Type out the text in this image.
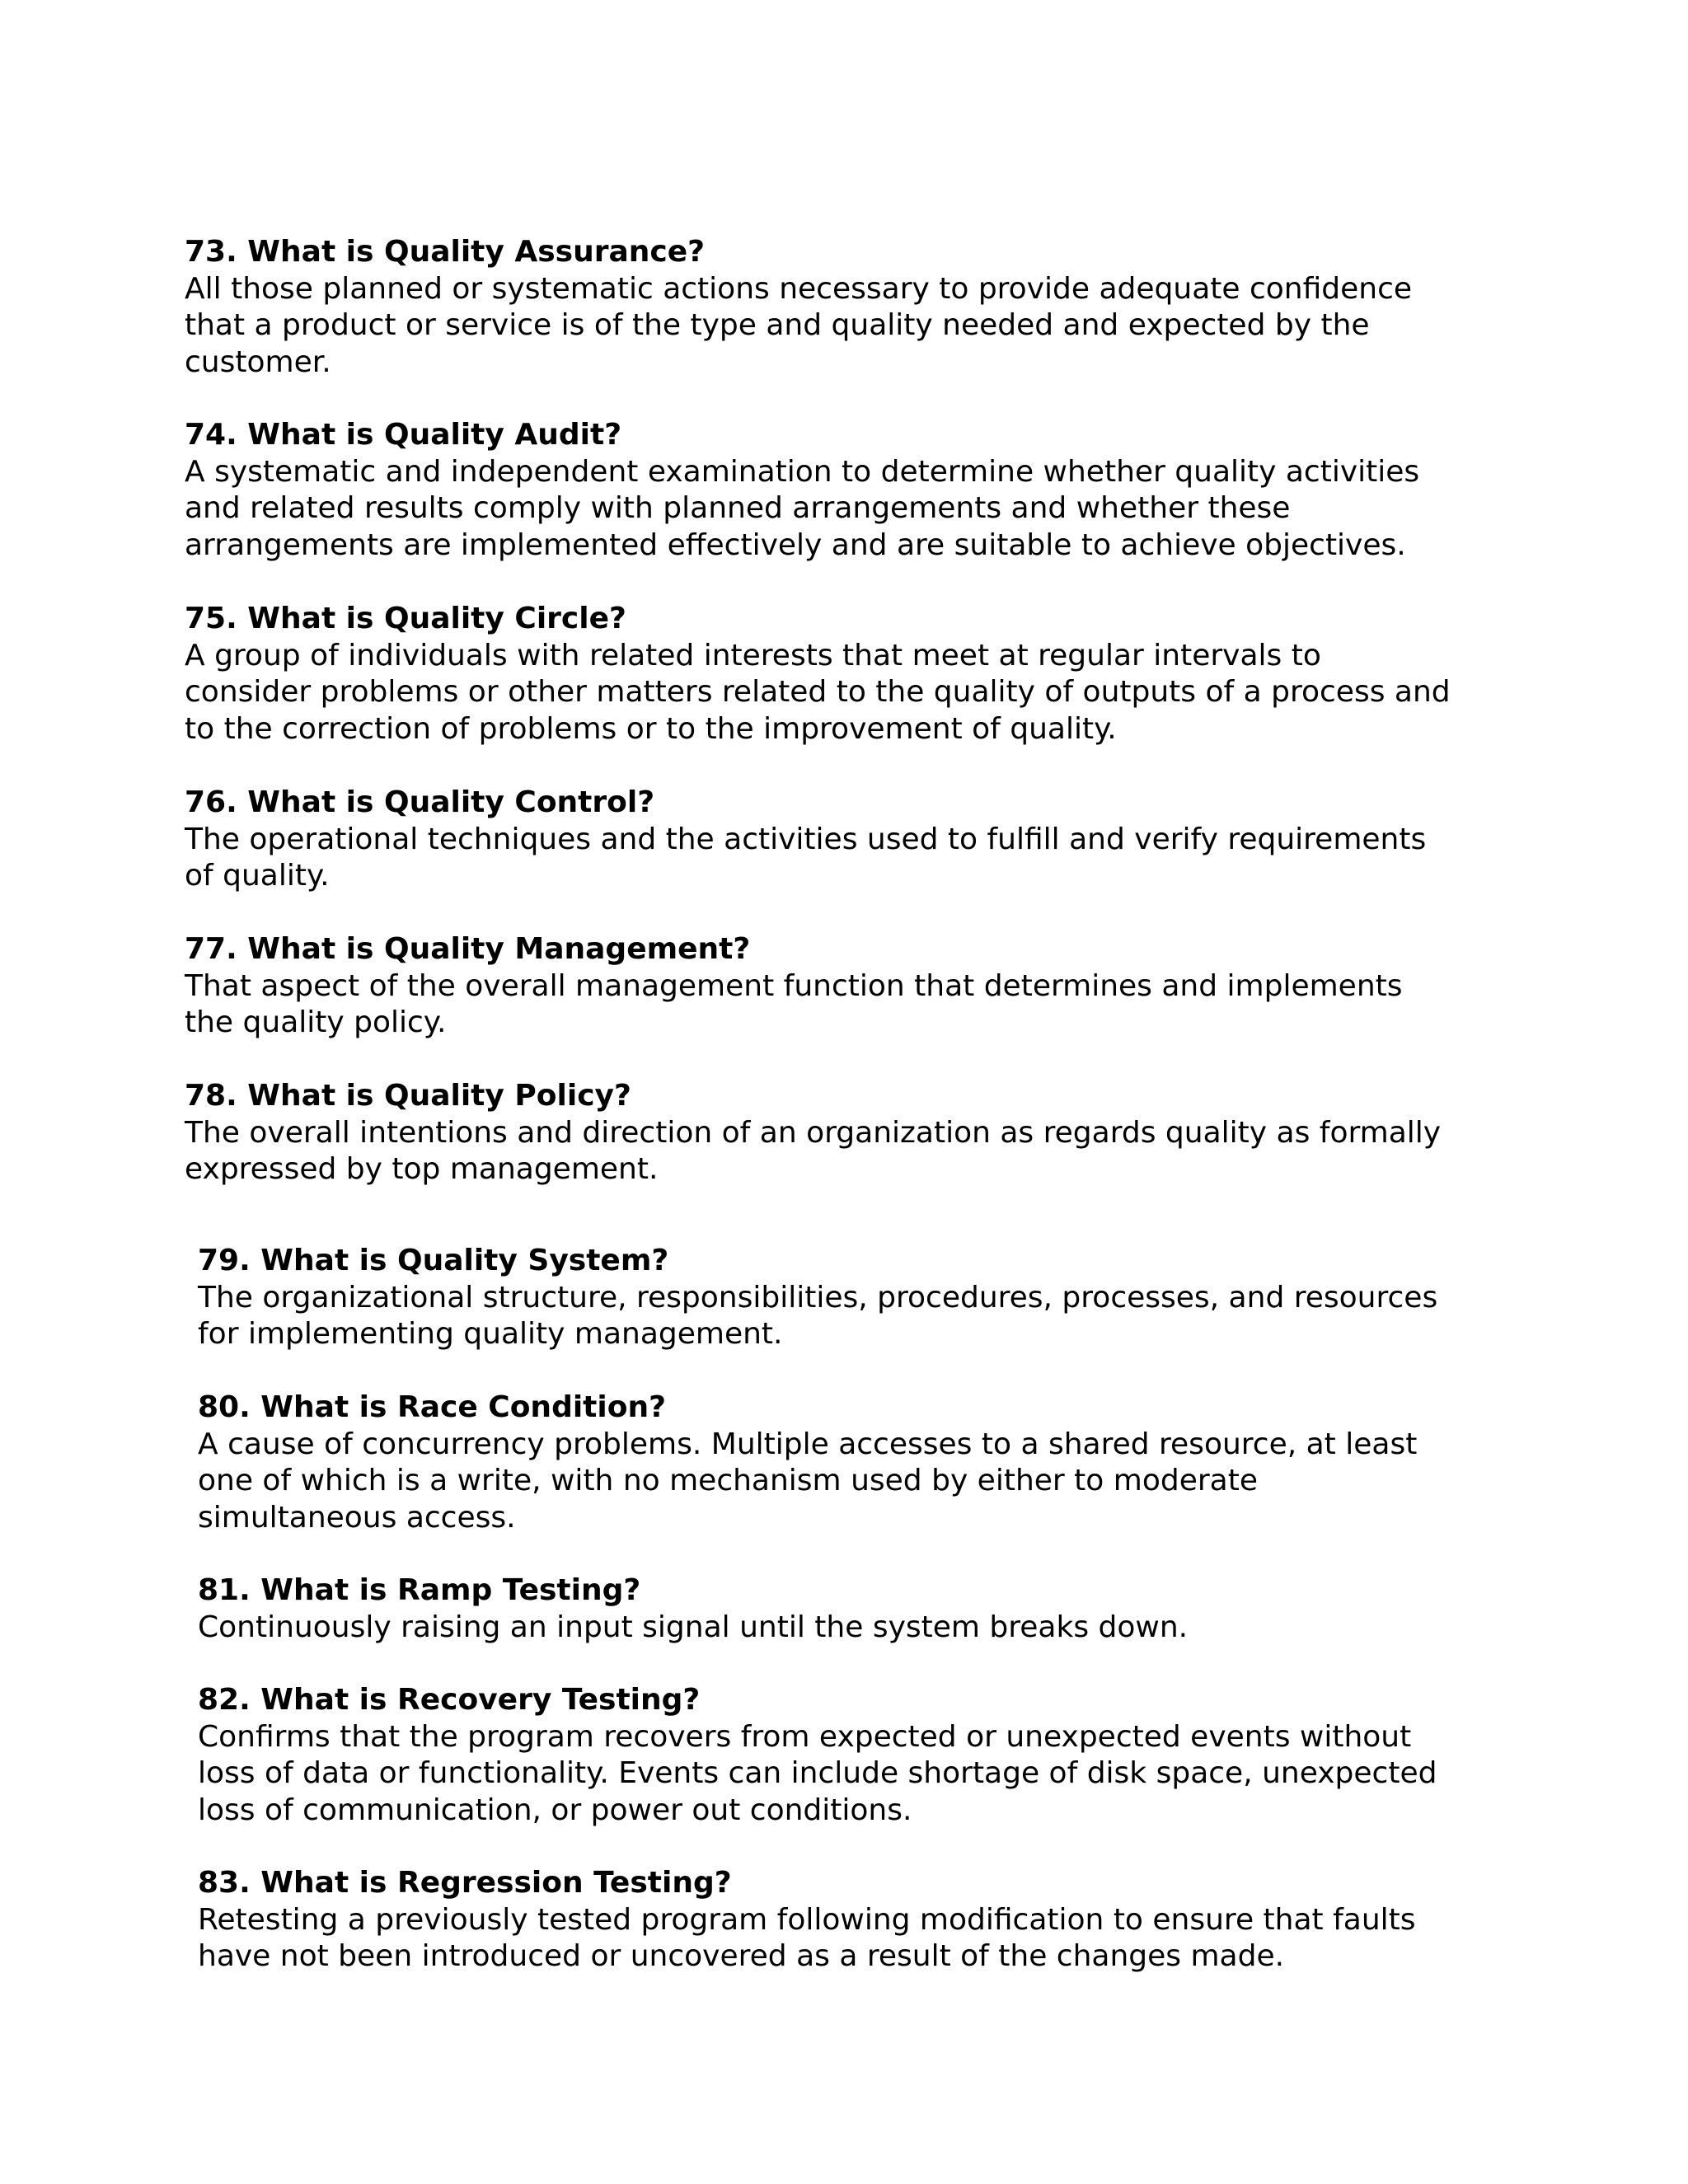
73. What is Quality Assurance?

All those planned or systematic actions necessary to provide adequate confidence
that a product or service is of the type and quality needed and expected by the
customer.

74. What is Quality Audit?

A systematic and independent examination to determine whether quality activities
and related results comply with planned arrangements and whether these
arrangements are implemented effectively and are suitable to achieve objectives.

75. What is Quality Circle?

A group of individuals with related interests that meet at regular intervals to
consider problems or other matters related to the quality of outputs of a process and
to the correction of problems or to the improvement of quality.

76. What is Quality Control?

The operational techniques and the activities used to fulfill and verify requirements
of quality.

77. What is Quality Management?

That aspect of the overall management function that determines and implements
the quality policy.

78. What is Quality Policy?

The overall intentions and direction of an organization as regards quality as formally
expressed by top management.

79. What is Quality System?

The organizational structure, responsibilities, procedures, processes, and resources
for implementing quality management.

80. What is Race Condition?

A cause of concurrency problems. Multiple accesses to a shared resource, at least
one of which is a write, with no mechanism used by either to moderate
simultaneous access.

81. What is Ramp Testing?

Continuously raising an input signal until the system breaks down.

82. What is Recovery Testing?

Confirms that the program recovers from expected or unexpected events without
loss of data or functionality. Events can include shortage of disk space, unexpected
loss of communication, or power out conditions.

83. What is Regression Testing?

Retesting a previously tested program following modification to ensure that faults
have not been introduced or uncovered as a result of the changes made.
